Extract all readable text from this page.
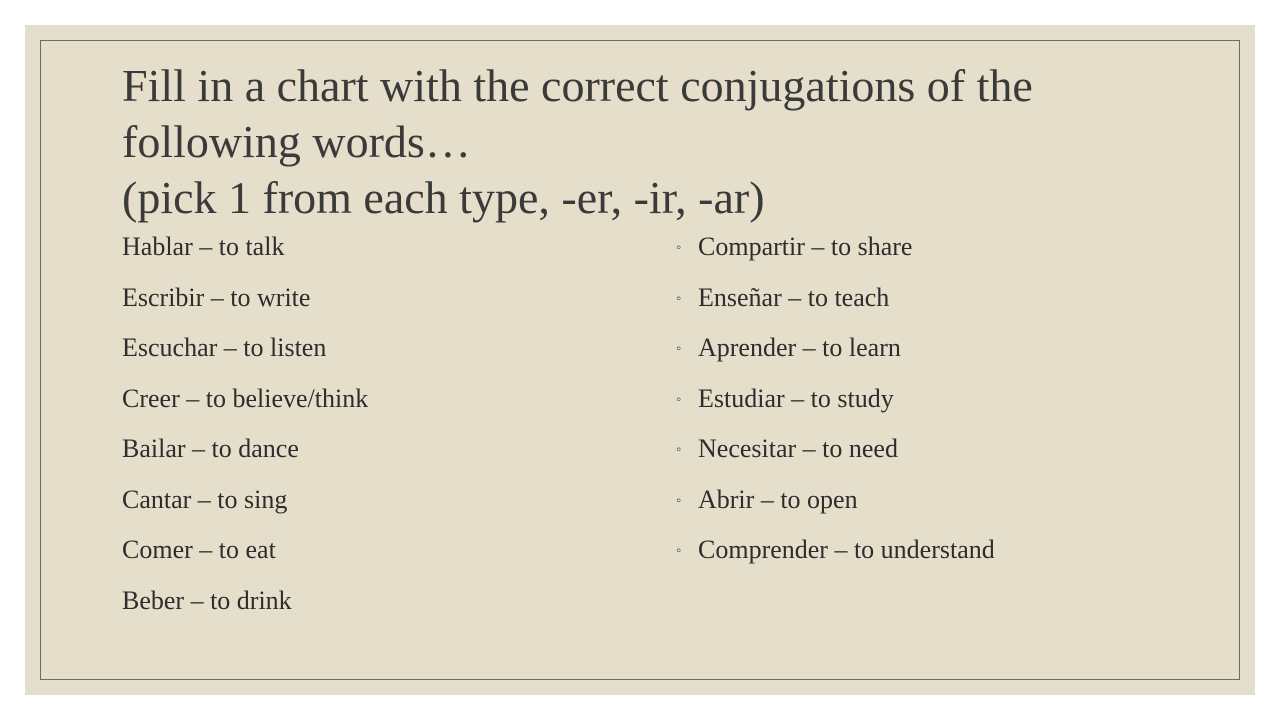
Fill in a chart with the correct conjugations of the
following words…
(pick 1 from each type, -er, -ir, -ar)
Hablar – to talk
Escribir – to write
Escuchar – to listen
Creer – to believe/think
Bailar – to dance
Cantar – to sing
Comer – to eat
Beber – to drink
◦ Compartir – to share
◦ Enseñar – to teach
◦ Aprender – to learn
◦ Estudiar – to study
◦ Necesitar – to need
◦ Abrir – to open
◦ Comprender – to understand
